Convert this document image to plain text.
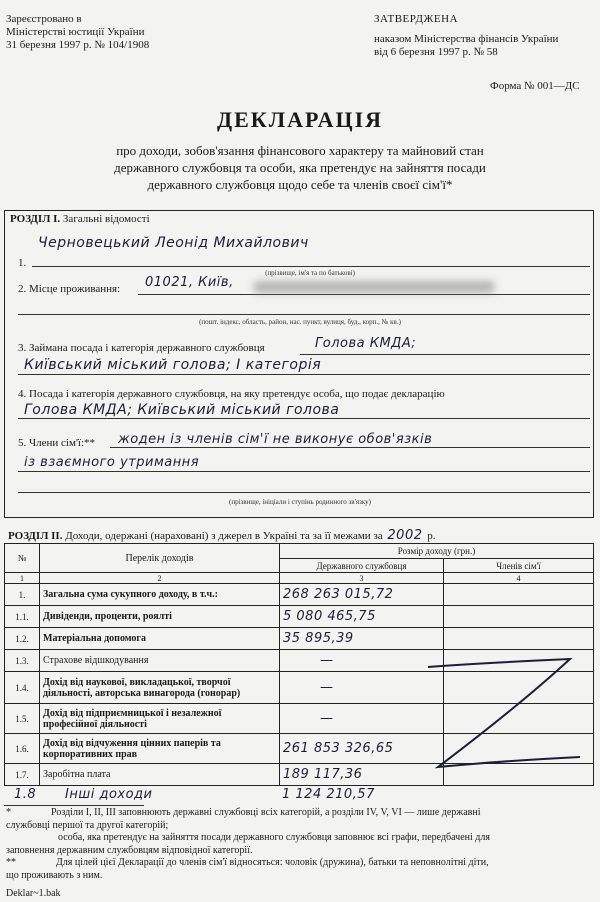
Зареєстровано в
Міністерстві юстиції України
31 березня 1997 р. № 104/1908
ЗАТВЕРДЖЕНА
наказом Міністерства фінансів України
від 6 березня 1997 р. № 58
Форма № 001—ДС
ДЕКЛАРАЦІЯ
про доходи, зобов'язання фінансового характеру та майновий стан
державного службовця та особи, яка претендує на зайняття посади
державного службовця щодо себе та членів своєї сім'ї*
РОЗДІЛ І. Загальні відомості
1.
Черновецький Леонід Михайлович
(прізвище, ім'я та по батькові)
2. Місце проживання: 01021, Київ,
(пошт. індекс, область, район, нас. пункт, вулиця, буд., корп., № кв.)
3. Займана посада і категорія державного службовця	Голова КМДА;
Київський міський голова; І категорія
4. Посада і категорія державного службовця, на яку претендує особа, що подає декларацію
Голова КМДА; Київський міський голова
5. Члени сім'ї:** жоден із членів сім'ї не виконує обов'язків
із взаємного утримання
(прізвище, ініціали і ступінь родинного зв'язку)
РОЗДІЛ ІІ. Доходи, одержані (нараховані) з джерел в Україні та за її межами за 2002 р.
№	Перелік доходів	Розмір доходу (грн.)	
		Державного службовця	Членів сім'ї
1	2	3	4
1.	Загальна сума сукупного доходу, в т.ч.:	268 263 015,72	
1.1.	Дивіденди, проценти, роялті	5 080 465,75	
1.2.	Матеріальна допомога	35 895,39	
1.3.	Страхове відшкодування	—	
1.4.	Дохід від наукової, викладацької, творчої діяльності, авторська винагорода (гонорар)	—	
1.5.	Дохід від підприємницької і незалежної професійної діяльності	—	
1.6.	Дохід від відчуження цінних паперів та корпоративних прав	261 853 326,65	
1.7.	Заробітна плата	189 117,36	
1.8 Інші доходи	1 124 210,57
*	Розділи І, ІІ, ІІІ заповнюють державні службовці всіх категорій, а розділи IV, V, VI — лише державні
службовці першої та другої категорій;
особа, яка претендує на зайняття посади державного службовця заповнює всі графи, передбачені для
заповнення державним службовцям відповідної категорії.
**	Для цілей цієї Декларації до членів сім'ї відносяться: чоловік (дружина), батьки та неповнолітні діти,
що проживають з ним.
Deklar~1.bak
